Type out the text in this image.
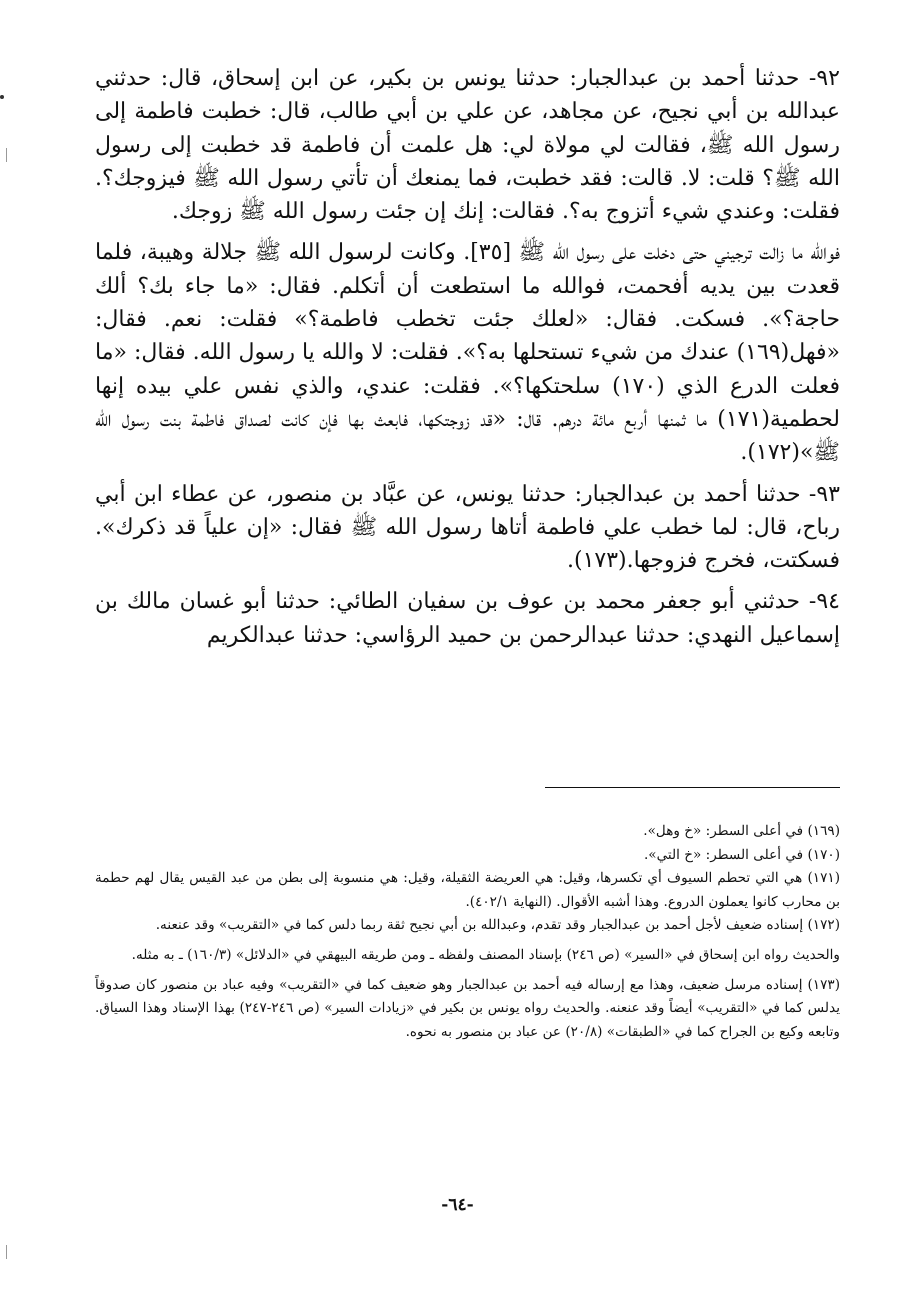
٩٢- حدثنا أحمد بن عبدالجبار: حدثنا يونس بن بكير، عن ابن إسحاق، قال: حدثني عبدالله بن أبي نجيح، عن مجاهد، عن علي بن أبي طالب، قال: خطبت فاطمة إلى رسول الله ﷺ، فقالت لي مولاة لي: هل علمت أن فاطمة قد خطبت إلى رسول الله ﷺ؟ قلت: لا. قالت: فقد خطبت، فما يمنعك أن تأتي رسول الله ﷺ فيزوجك؟. فقلت: وعندي شيء أتزوج به؟. فقالت: إنك إن جئت رسول الله ﷺ زوجك.

فوالله ما زالت ترجيني حتى دخلت على رسول الله ﷺ [٣٥]. وكانت لرسول الله ﷺ جلالة وهيبة، فلما قعدت بين يديه أفحمت، فوالله ما استطعت أن أتكلم. فقال: «ما جاء بك؟ ألك حاجة؟». فسكت. فقال: «لعلك جئت تخطب فاطمة؟» فقلت: نعم. فقال: «فهل(١٦٩) عندك من شيء تستحلها به؟». فقلت: لا والله يا رسول الله. فقال: «ما فعلت الدرع الذي (١٧٠) سلحتكها؟». فقلت: عندي، والذي نفس علي بيده إنها لحطمية(١٧١) ما ثمنها أربع مائة درهم. قال: «قد زوجتكها، فابعث بها فإن كانت لصداق فاطمة بنت رسول الله ﷺ»(١٧٢).

٩٣- حدثنا أحمد بن عبدالجبار: حدثنا يونس، عن عبَّاد بن منصور، عن عطاء ابن أبي رباح، قال: لما خطب علي فاطمة أتاها رسول الله ﷺ فقال: «إن علياً قد ذكرك». فسكتت، فخرج فزوجها.(١٧٣).

٩٤- حدثني أبو جعفر محمد بن عوف بن سفيان الطائي: حدثنا أبو غسان مالك بن إسماعيل النهدي: حدثنا عبدالرحمن بن حميد الرؤاسي: حدثنا عبدالكريم

(١٦٩) في أعلى السطر: «خ وهل».

(١٧٠) في أعلى السطر: «خ التي».

(١٧١) هي التي تحطم السيوف أي تكسرها، وقيل: هي العريضة الثقيلة، وقيل: هي منسوبة إلى بطن من عبد القيس يقال لهم حطمة بن محارب كانوا يعملون الدروع. وهذا أشبه الأقوال. (النهاية ٤٠٢/١).

(١٧٢) إسناده ضعيف لأجل أحمد بن عبدالجبار وقد تقدم، وعبدالله بن أبي نجيح ثقة ربما دلس كما في «التقريب» وقد عنعنه.

والحديث رواه ابن إسحاق في «السير» (ص ٢٤٦) بإسناد المصنف ولفظه ـ ومن طريقه البيهقي في «الدلائل» (١٦٠/٣) ـ به مثله.

(١٧٣) إسناده مرسل ضعيف، وهذا مع إرساله فيه أحمد بن عبدالجبار وهو ضعيف كما في «التقريب» وفيه عباد بن منصور كان صدوقاً يدلس كما في «التقريب» أيضاً وقد عنعنه. والحديث رواه يونس بن بكير في «زيادات السير» (ص ٢٤٦-٢٤٧) بهذا الإسناد وهذا السياق. وتابعه وكيع بن الجراح كما في «الطبقات» (٢٠/٨) عن عباد بن منصور به نحوه.

-٦٤-
